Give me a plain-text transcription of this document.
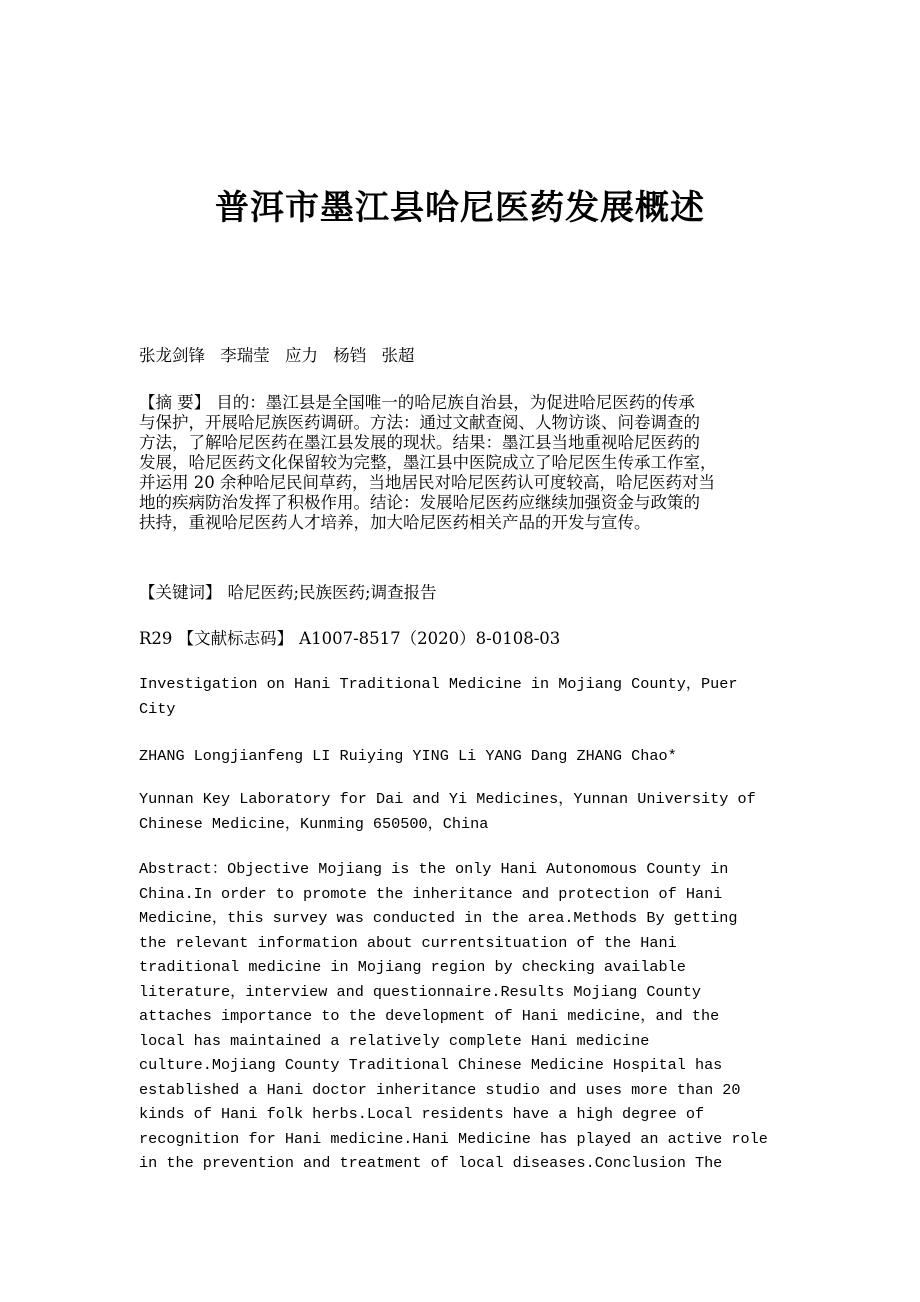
普洱市墨江县哈尼医药发展概述
张龙剑锋 李瑞莹 应力 杨铛 张超
【摘 要】 目的：墨江县是全国唯一的哈尼族自治县，为促进哈尼医药的传承
与保护，开展哈尼族医药调研。方法：通过文献查阅、人物访谈、问卷调查的
方法，了解哈尼医药在墨江县发展的现状。结果：墨江县当地重视哈尼医药的
发展，哈尼医药文化保留较为完整，墨江县中医院成立了哈尼医生传承工作室，
并运用 20 余种哈尼民间草药，当地居民对哈尼医药认可度较高，哈尼医药对当
地的疾病防治发挥了积极作用。结论：发展哈尼医药应继续加强资金与政策的
扶持，重视哈尼医药人才培养，加大哈尼医药相关产品的开发与宣传。
【关键词】 哈尼医药;民族医药;调查报告
R29 【文献标志码】 A1007-8517（2020）8-0108-03
Investigation on Hani Traditional Medicine in Mojiang County，Puer
City
ZHANG Longjianfeng LI Ruiying YING Li YANG Dang ZHANG Chao*
Yunnan Key Laboratory for Dai and Yi Medicines，Yunnan University of
Chinese Medicine，Kunming 650500，China
Abstract：Objective Mojiang is the only Hani Autonomous County in
China.In order to promote the inheritance and protection of Hani
Medicine，this survey was conducted in the area.Methods By getting
the relevant information about currentsituation of the Hani
traditional medicine in Mojiang region by checking available
literature，interview and questionnaire.Results Mojiang County
attaches importance to the development of Hani medicine，and the
local has maintained a relatively complete Hani medicine
culture.Mojiang County Traditional Chinese Medicine Hospital has
established a Hani doctor inheritance studio and uses more than 20
kinds of Hani folk herbs.Local residents have a high degree of
recognition for Hani medicine.Hani Medicine has played an active role
in the prevention and treatment of local diseases.Conclusion The
